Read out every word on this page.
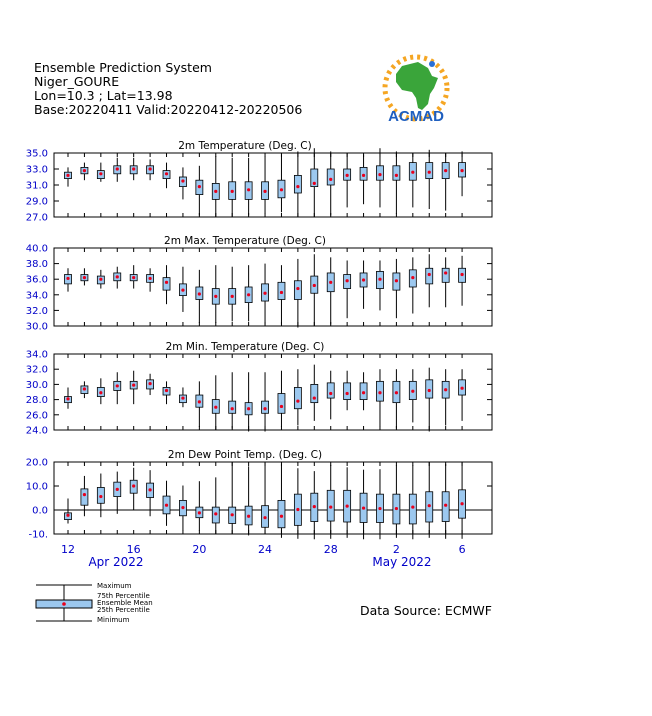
Ensemble Prediction System
Niger_GOURE
Lon=10.3 ; Lat=13.98
Base:20220411 Valid:20220412-20220506	ACMAD
2m Temperature (Deg. C)
27.0
29.0
31.0
33.0
35.0
2m Max. Temperature (Deg. C)
30.0
32.0
34.0
36.0
38.0
40.0
2m Min. Temperature (Deg. C)
24.0
26.0
28.0
30.0
32.0
34.0
2m Dew Point Temp. (Deg. C)
-10.
0.0
10.0
20.0
12	16	20	24	28	2	6
Apr 2022	May 2022
Maximum
75th Percentile
Ensemble Mean
25th Percentile
Minimum
Data Source: ECMWF
